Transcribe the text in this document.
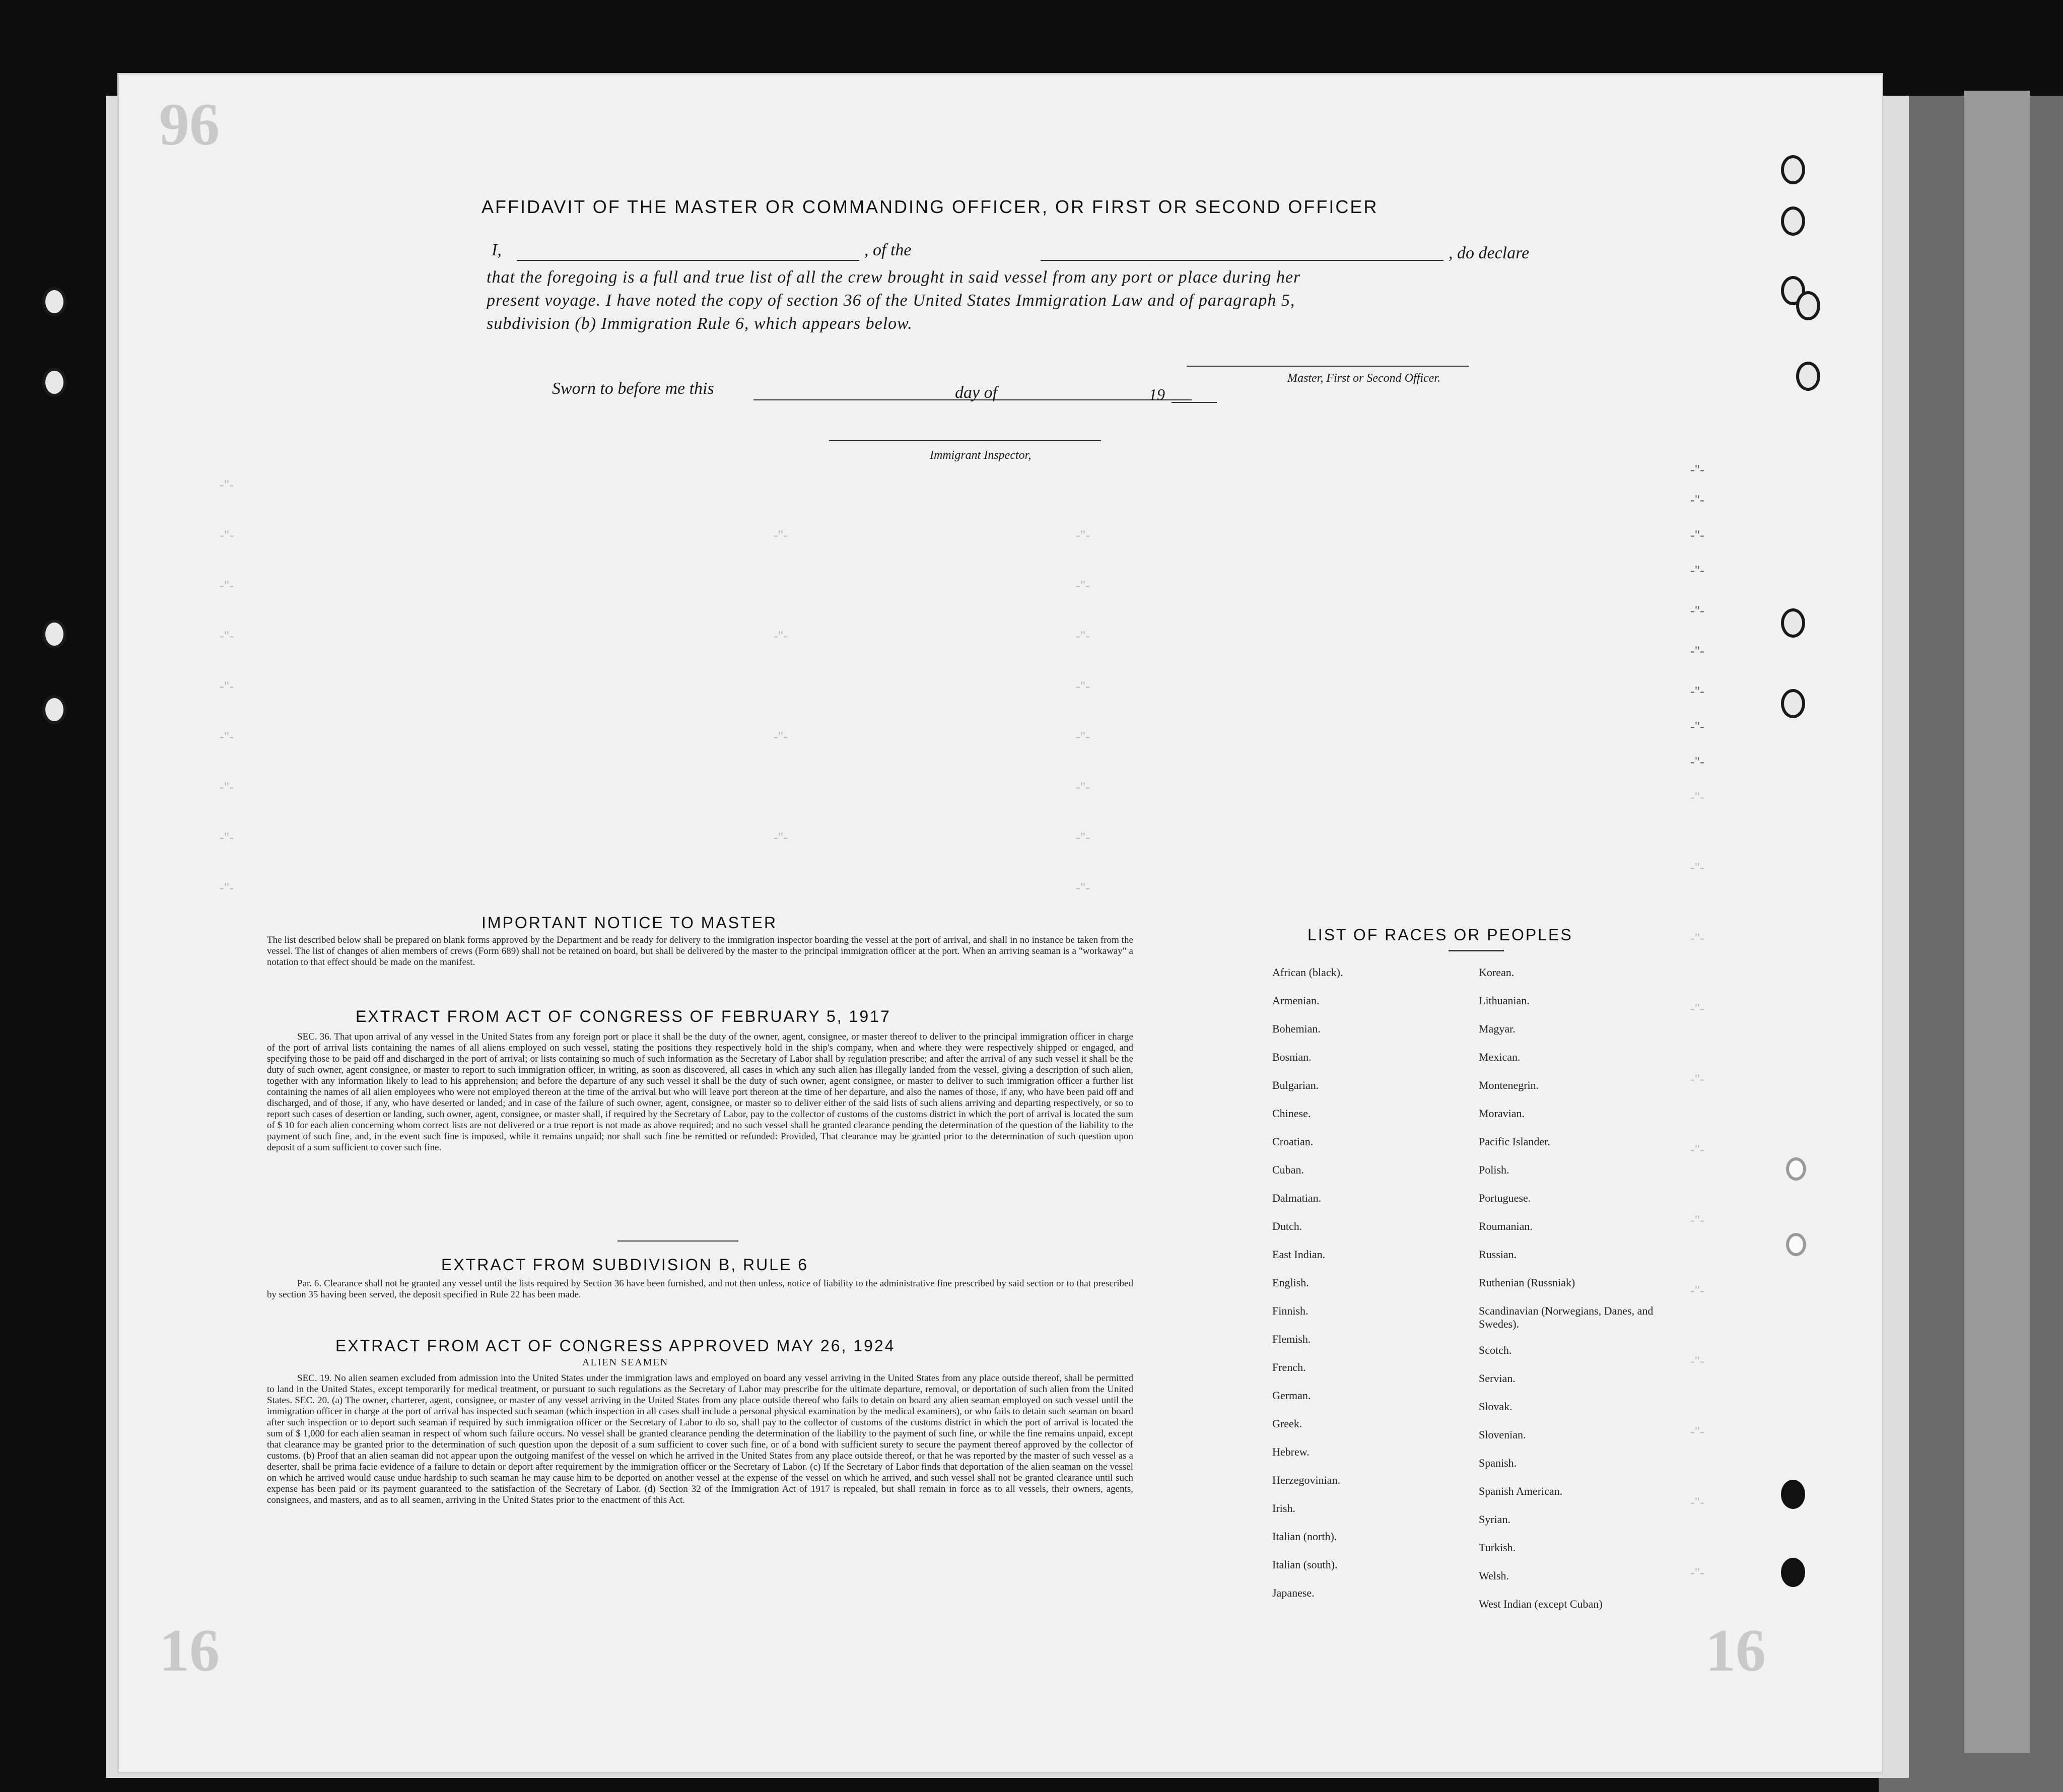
96
16	16
-"-
-"-
-"-
-"-
-"-
-"-
-"-
-"-
-"-
-"-
-"-
-"-
-"-
-"-
-"-
-"-
-"-
-"-
-"-
-"-
-"-
-"-
-"-
-"-
-"-
-"-
-"-
-"-
-"-
-"-
-"-
-"-
-"-
-"-
-"-
-"-
-"-
-"-
-"-
-"-
-"-
-"-
AFFIDAVIT OF THE MASTER OR COMMANDING OFFICER, OR FIRST OR SECOND OFFICER
I,	, of the	, do declare
that the foregoing is a full and true list of all the crew brought in said vessel from any port or place during her
present voyage. I have noted the copy of section 36 of the United States Immigration Law and of paragraph 5,
subdivision (b) Immigration Rule 6, which appears below.
Master, First or Second Officer.
Sworn to before me this	day of	19
Immigrant Inspector,
IMPORTANT NOTICE TO MASTER

The list described below shall be prepared on blank forms approved by the Department and be ready for delivery to the immigration inspector boarding the vessel at the port of arrival, and shall in no instance be taken from the vessel. The list of changes of alien members of crews (Form 689) shall not be retained on board, but shall be delivered by the master to the principal immigration officer at the port. When an arriving seaman is a "workaway" a notation to that effect should be made on the manifest.

EXTRACT FROM ACT OF CONGRESS OF FEBRUARY 5, 1917

SEC. 36. That upon arrival of any vessel in the United States from any foreign port or place it shall be the duty of the owner, agent, consignee, or master thereof to deliver to the principal immigration officer in charge of the port of arrival lists containing the names of all aliens employed on such vessel, stating the positions they respectively hold in the ship's company, when and where they were respectively shipped or engaged, and specifying those to be paid off and discharged in the port of arrival; or lists containing so much of such information as the Secretary of Labor shall by regulation prescribe; and after the arrival of any such vessel it shall be the duty of such owner, agent consignee, or master to report to such immigration officer, in writing, as soon as discovered, all cases in which any such alien has illegally landed from the vessel, giving a description of such alien, together with any information likely to lead to his apprehension; and before the departure of any such vessel it shall be the duty of such owner, agent consignee, or master to deliver to such immigration officer a further list containing the names of all alien employees who were not employed thereon at the time of the arrival but who will leave port thereon at the time of her departure, and also the names of those, if any, who have been paid off and discharged, and of those, if any, who have deserted or landed; and in case of the failure of such owner, agent, consignee, or master so to deliver either of the said lists of such aliens arriving and departing respectively, or so to report such cases of desertion or landing, such owner, agent, consignee, or master shall, if required by the Secretary of Labor, pay to the collector of customs of the customs district in which the port of arrival is located the sum of $ 10 for each alien concerning whom correct lists are not delivered or a true report is not made as above required; and no such vessel shall be granted clearance pending the determination of the question of the liability to the payment of such fine, and, in the event such fine is imposed, while it remains unpaid; nor shall such fine be remitted or refunded: Provided, That clearance may be granted prior to the determination of such question upon deposit of a sum sufficient to cover such fine.

EXTRACT FROM SUBDIVISION B, RULE 6

Par. 6. Clearance shall not be granted any vessel until the lists required by Section 36 have been furnished, and not then unless, notice of liability to the administrative fine prescribed by said section or to that prescribed by section 35 having been served, the deposit specified in Rule 22 has been made.

EXTRACT FROM ACT OF CONGRESS APPROVED MAY 26, 1924
ALIEN SEAMEN

SEC. 19. No alien seamen excluded from admission into the United States under the immigration laws and employed on board any vessel arriving in the United States from any place outside thereof, shall be permitted to land in the United States, except temporarily for medical treatment, or pursuant to such regulations as the Secretary of Labor may prescribe for the ultimate departure, removal, or deportation of such alien from the United States. SEC. 20. (a) The owner, charterer, agent, consignee, or master of any vessel arriving in the United States from any place outside thereof who fails to detain on board any alien seaman employed on such vessel until the immigration officer in charge at the port of arrival has inspected such seaman (which inspection in all cases shall include a personal physical examination by the medical examiners), or who fails to detain such seaman on board after such inspection or to deport such seaman if required by such immigration officer or the Secretary of Labor to do so, shall pay to the collector of customs of the customs district in which the port of arrival is located the sum of $ 1,000 for each alien seaman in respect of whom such failure occurs. No vessel shall be granted clearance pending the determination of the liability to the payment of such fine, or while the fine remains unpaid, except that clearance may be granted prior to the determination of such question upon the deposit of a sum sufficient to cover such fine, or of a bond with sufficient surety to secure the payment thereof approved by the collector of customs. (b) Proof that an alien seaman did not appear upon the outgoing manifest of the vessel on which he arrived in the United States from any place outside thereof, or that he was reported by the master of such vessel as a deserter, shall be prima facie evidence of a failure to detain or deport after requirement by the immigration officer or the Secretary of Labor. (c) If the Secretary of Labor finds that deportation of the alien seaman on the vessel on which he arrived would cause undue hardship to such seaman he may cause him to be deported on another vessel at the expense of the vessel on which he arrived, and such vessel shall not be granted clearance until such expense has been paid or its payment guaranteed to the satisfaction of the Secretary of Labor. (d) Section 32 of the Immigration Act of 1917 is repealed, but shall remain in force as to all vessels, their owners, agents, consignees, and masters, and as to all seamen, arriving in the United States prior to the enactment of this Act.

LIST OF RACES OR PEOPLES
African (black).
Armenian.
Bohemian.
Bosnian.
Bulgarian.
Chinese.
Croatian.
Cuban.
Dalmatian.
Dutch.
East Indian.
English.
Finnish.
Flemish.
French.
German.
Greek.
Hebrew.
Herzegovinian.
Irish.
Italian (north).
Italian (south).
Japanese.
Korean.
Lithuanian.
Magyar.
Mexican.
Montenegrin.
Moravian.
Pacific Islander.
Polish.
Portuguese.
Roumanian.
Russian.
Ruthenian (Russniak)
Scandinavian (Norwegians, Danes, and Swedes).
Scotch.
Servian.
Slovak.
Slovenian.
Spanish.
Spanish American.
Syrian.
Turkish.
Welsh.
West Indian (except Cuban)
